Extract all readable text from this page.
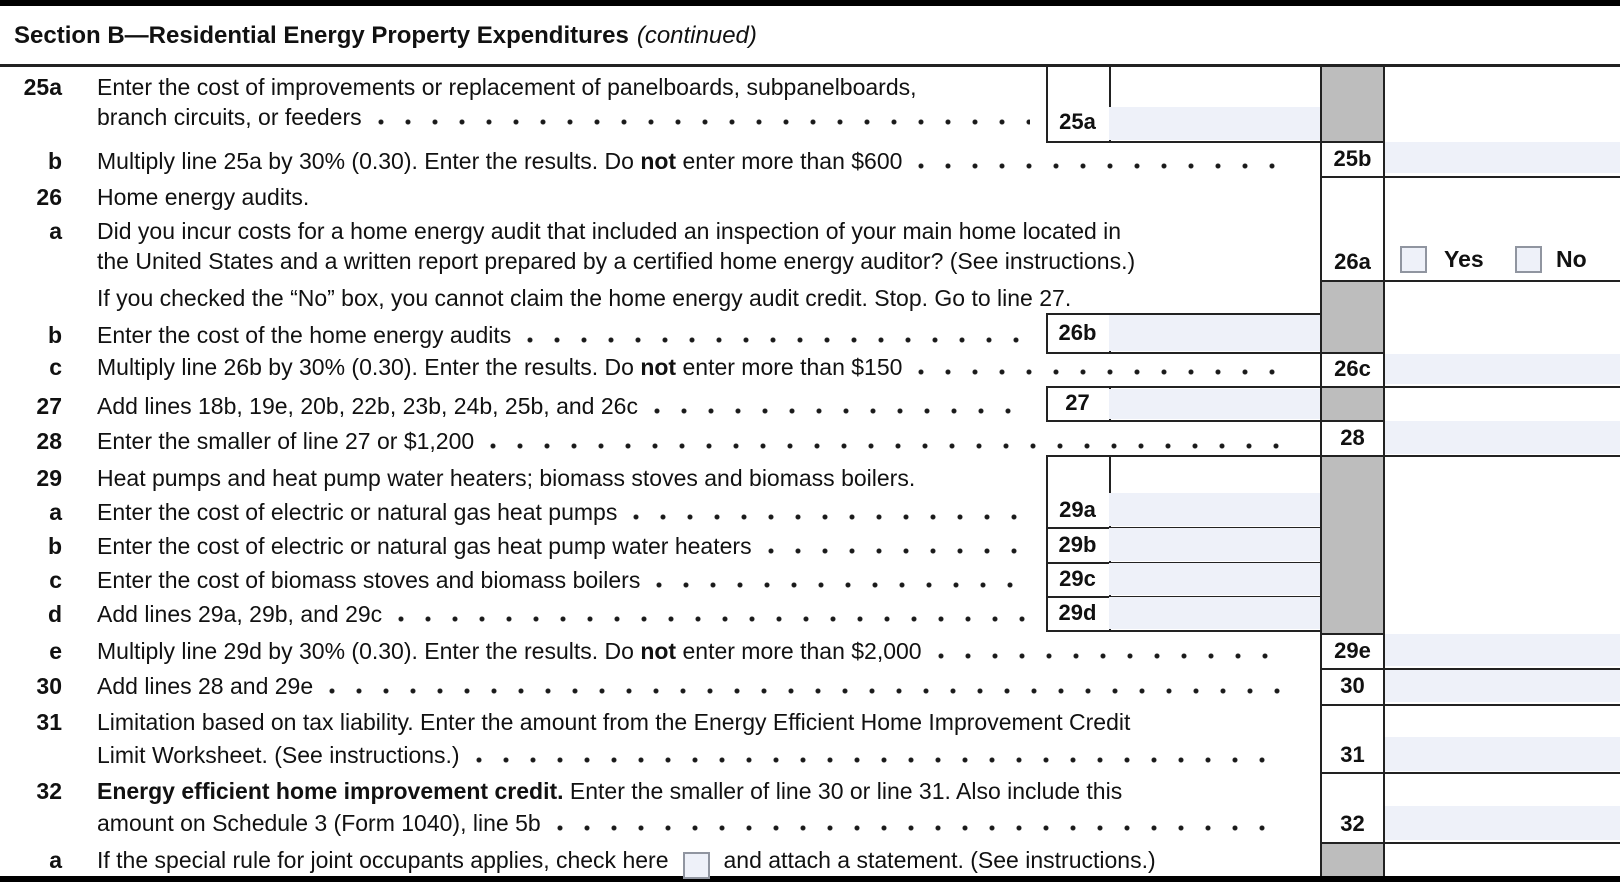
Section B—Residential Energy Property Expenditures (continued)
25a
26b
27
29a
29b
29c
29d
25b
26a
26c
28
29e
30
31
32
Yes	No
25a
b
26
a
b
c
27
28
29
a
b
c
d
e
30
31
32
a
Enter the cost of improvements or replacement of panelboards, subpanelboards,
branch circuits, or feeders
Multiply line 25a by 30% (0.30). Enter the results. Do not enter more than $600
Home energy audits.
Did you incur costs for a home energy audit that included an inspection of your main home located in
the United States and a written report prepared by a certified home energy auditor? (See instructions.)
If you checked the “No” box, you cannot claim the home energy audit credit. Stop. Go to line 27.
Enter the cost of the home energy audits
Multiply line 26b by 30% (0.30). Enter the results. Do not enter more than $150
Add lines 18b, 19e, 20b, 22b, 23b, 24b, 25b, and 26c
Enter the smaller of line 27 or $1,200
Heat pumps and heat pump water heaters; biomass stoves and biomass boilers.
Enter the cost of electric or natural gas heat pumps
Enter the cost of electric or natural gas heat pump water heaters
Enter the cost of biomass stoves and biomass boilers
Add lines 29a, 29b, and 29c
Multiply line 29d by 30% (0.30). Enter the results. Do not enter more than $2,000
Add lines 28 and 29e
Limitation based on tax liability. Enter the amount from the Energy Efficient Home Improvement Credit
Limit Worksheet. (See instructions.)
Energy efficient home improvement credit. Enter the smaller of line 30 or line 31. Also include this
amount on Schedule 3 (Form 1040), line 5b
If the special rule for joint occupants applies, check here and attach a statement. (See instructions.)
